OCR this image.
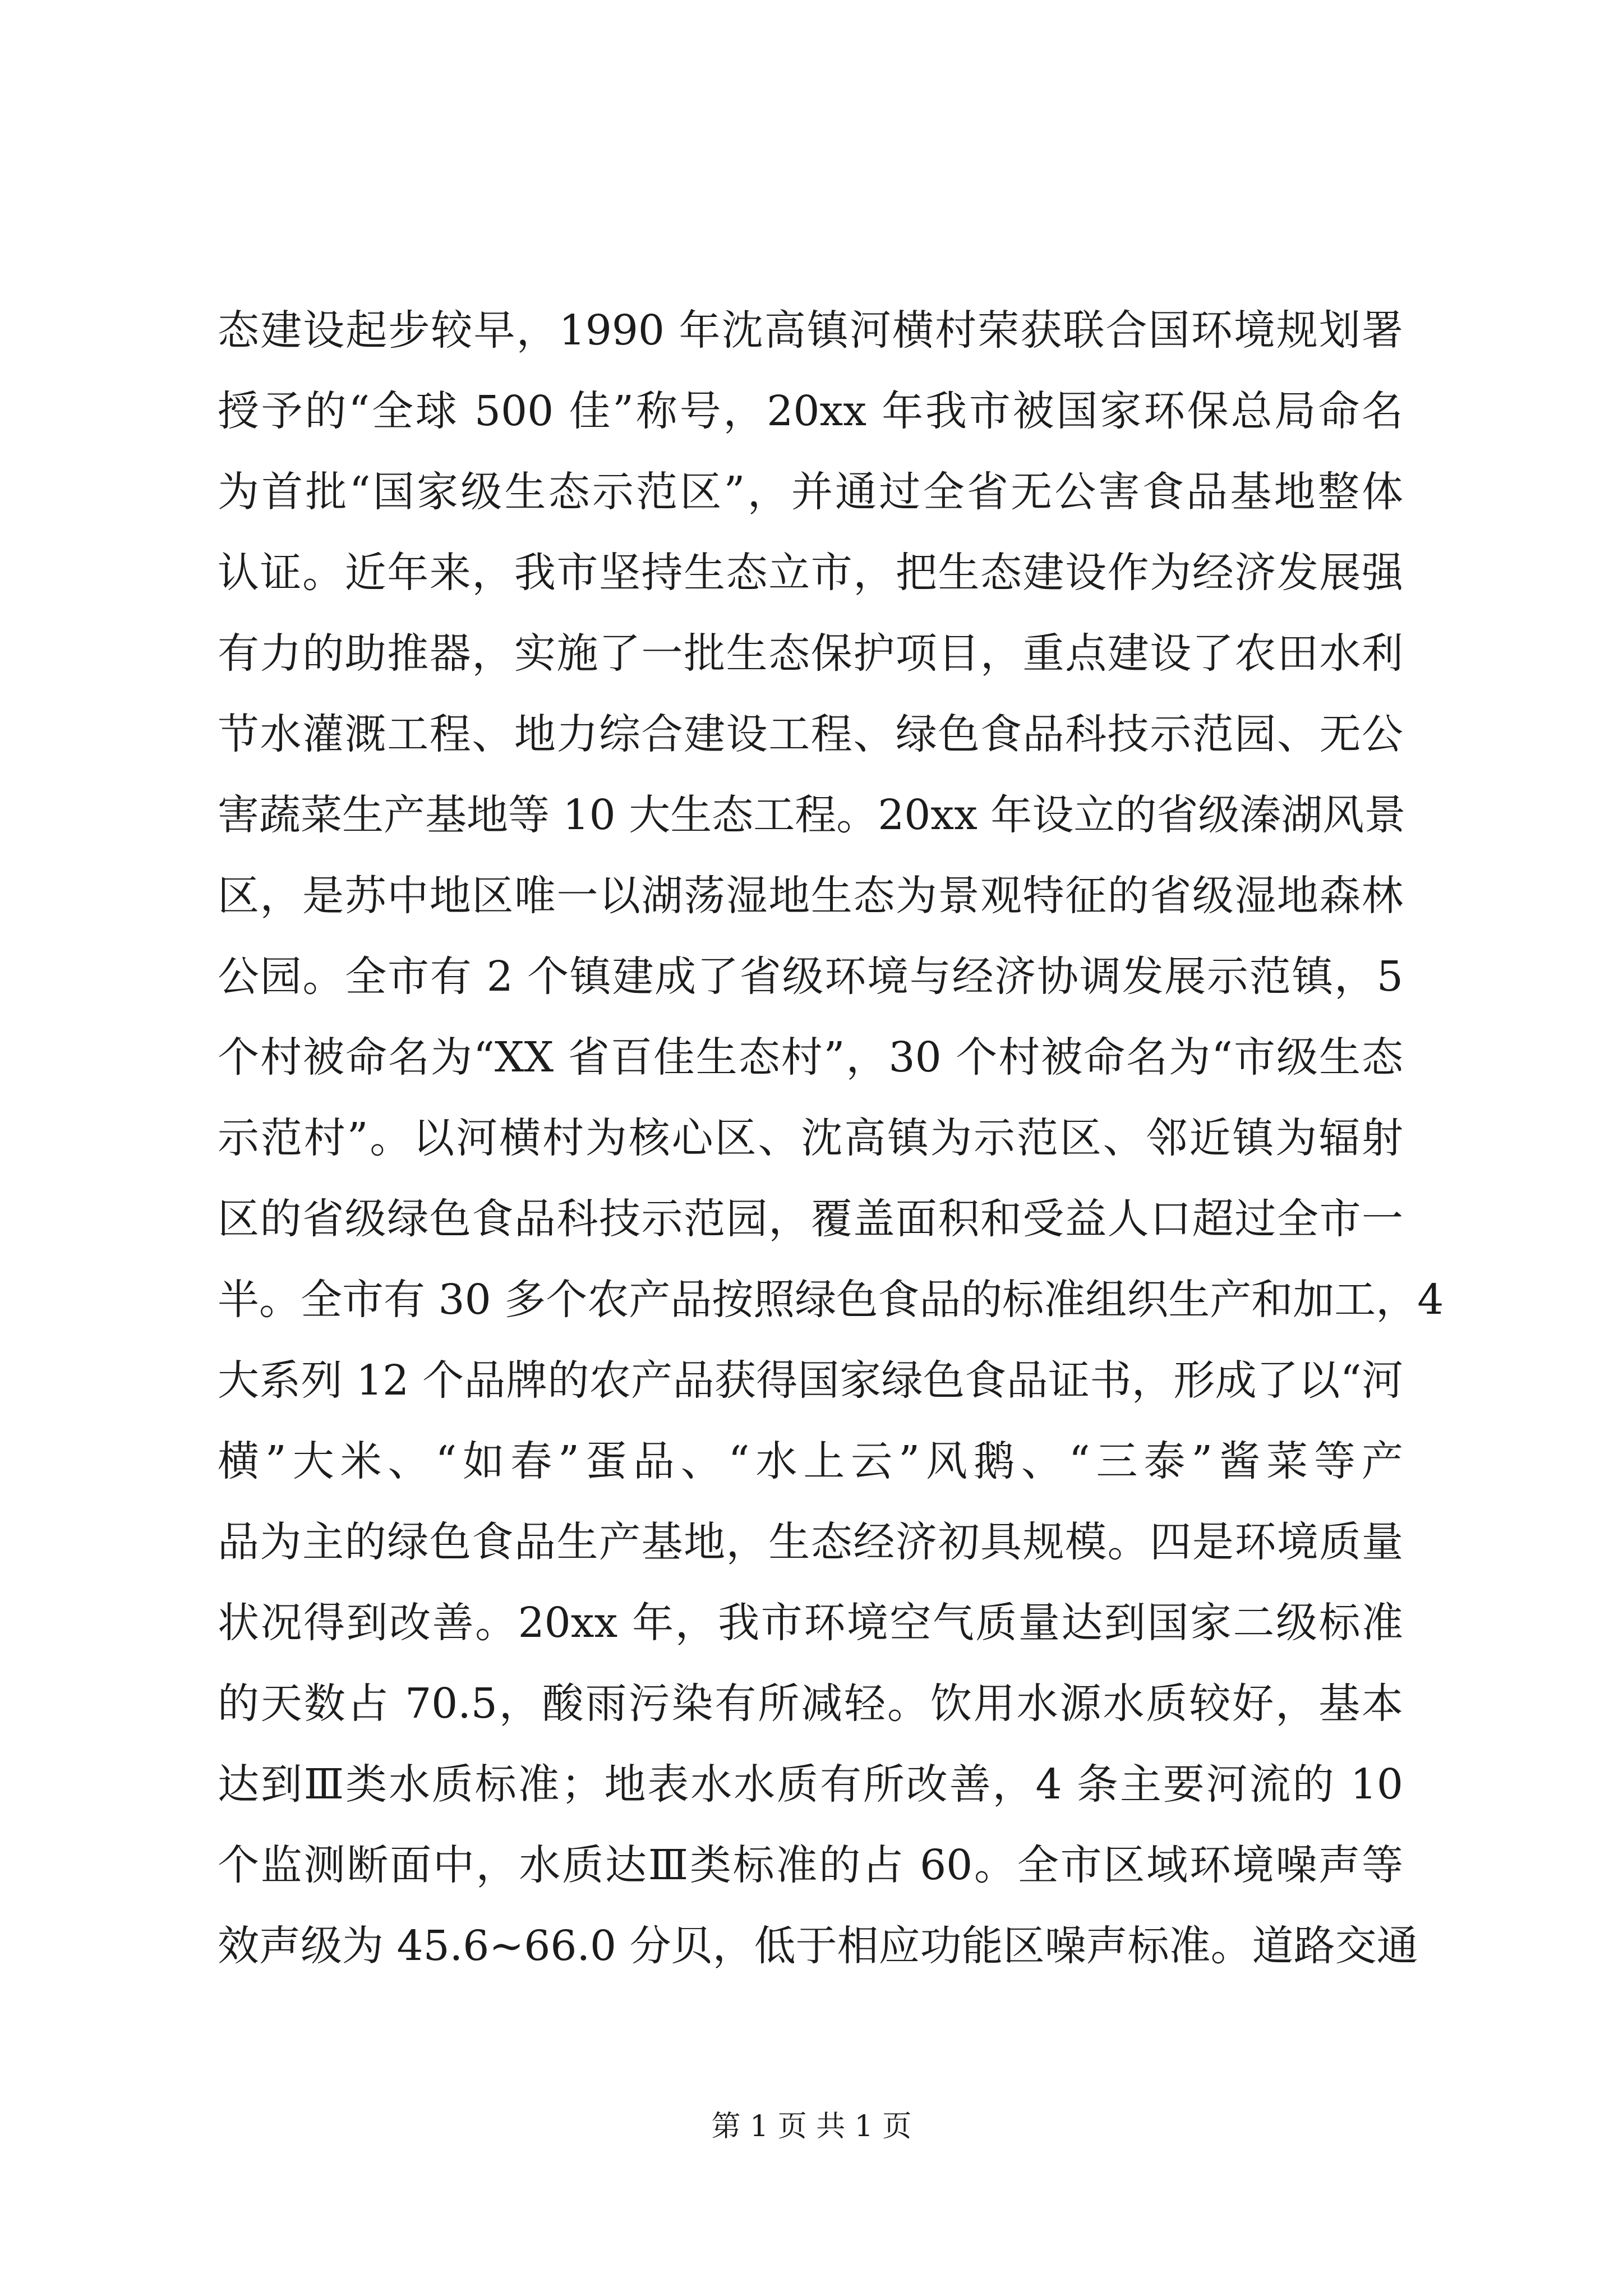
态建设起步较早，1990 年沈高镇河横村荣获联合国环境规划署
授予的“全球 500 佳”称号，20xx 年我市被国家环保总局命名
为首批“国家级生态示范区”，并通过全省无公害食品基地整体
认证。近年来，我市坚持生态立市，把生态建设作为经济发展强
有力的助推器，实施了一批生态保护项目，重点建设了农田水利
节水灌溉工程、地力综合建设工程、绿色食品科技示范园、无公
害蔬菜生产基地等 10 大生态工程。20xx 年设立的省级溱湖风景
区，是苏中地区唯一以湖荡湿地生态为景观特征的省级湿地森林
公园。全市有 2 个镇建成了省级环境与经济协调发展示范镇，5
个村被命名为“XX 省百佳生态村”，30 个村被命名为“市级生态
示范村”。以河横村为核心区、沈高镇为示范区、邻近镇为辐射
区的省级绿色食品科技示范园，覆盖面积和受益人口超过全市一
半。全市有 30 多个农产品按照绿色食品的标准组织生产和加工，4
大系列 12 个品牌的农产品获得国家绿色食品证书，形成了以“河
横”大米、“如春”蛋品、“水上云”风鹅、“三泰”酱菜等产
品为主的绿色食品生产基地，生态经济初具规模。四是环境质量
状况得到改善。20xx 年，我市环境空气质量达到国家二级标准
的天数占 70.5，酸雨污染有所减轻。饮用水源水质较好，基本
达到Ⅲ类水质标准；地表水水质有所改善，4 条主要河流的 10
个监测断面中，水质达Ⅲ类标准的占 60。全市区域环境噪声等
效声级为 45.6~66.0 分贝，低于相应功能区噪声标准。道路交通
第 1 页 共 1 页
